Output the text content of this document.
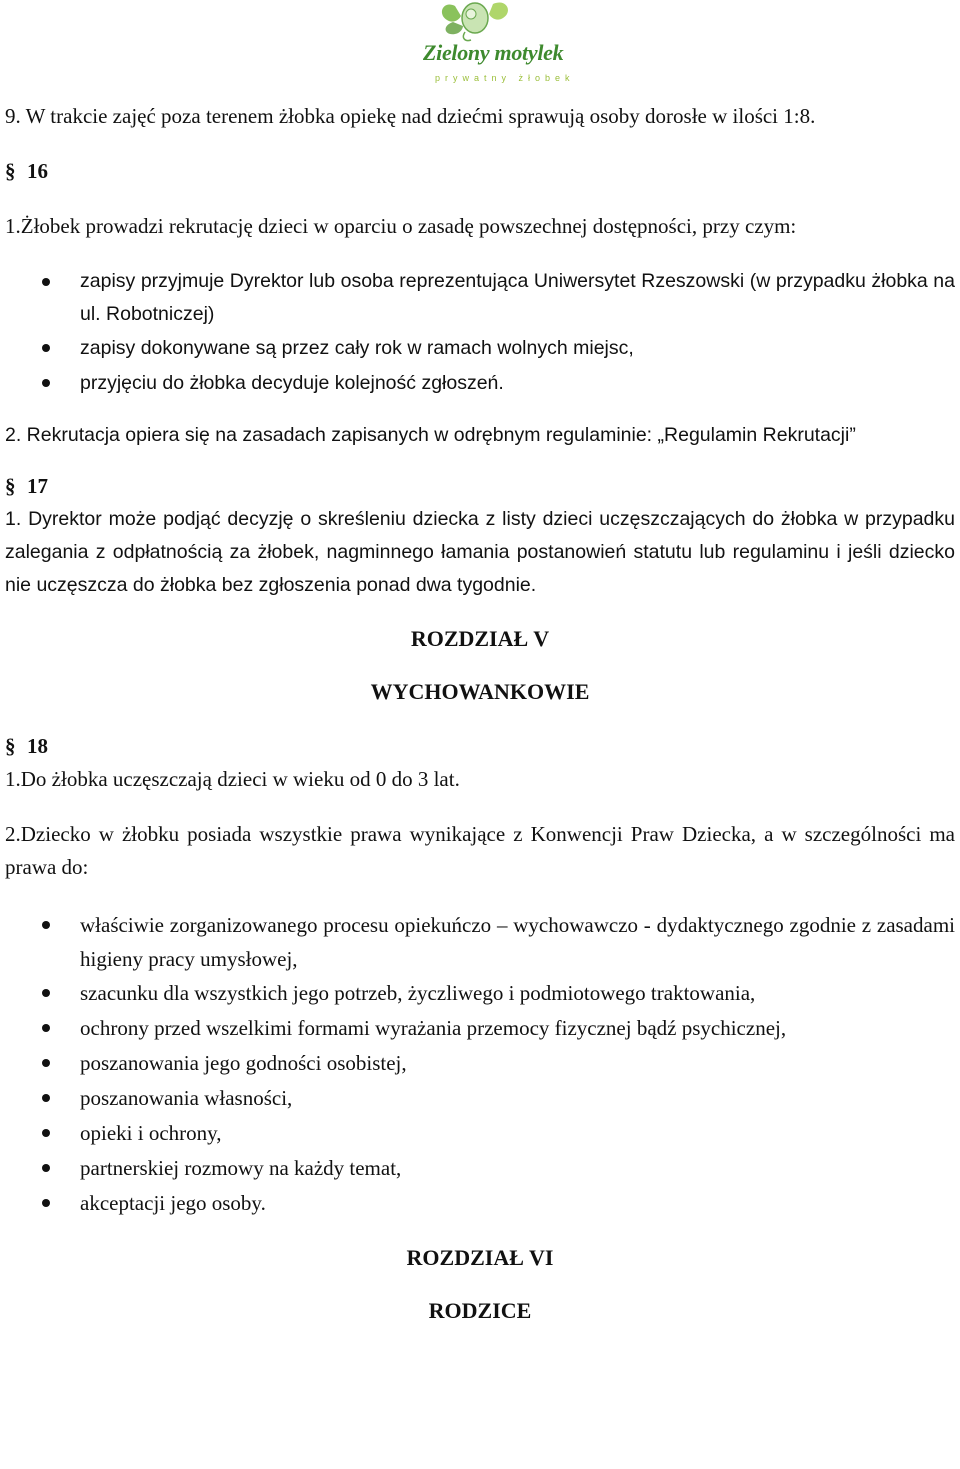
Zielony motylek
prywatny żłobek

9. W trakcie zajęć poza terenem żłobka opiekę nad dziećmi sprawują osoby dorosłe w ilości 1:8.

§ 16

1.Żłobek prowadzi rekrutację dzieci w oparciu o zasadę powszechnej dostępności, przy czym:

zapisy przyjmuje Dyrektor lub osoba reprezentująca Uniwersytet Rzeszowski (w przypadku żłobka na ul. Robotniczej)
zapisy dokonywane są przez cały rok w ramach wolnych miejsc,
przyjęciu do żłobka decyduje kolejność zgłoszeń.

2. Rekrutacja opiera się na zasadach zapisanych w odrębnym regulaminie: „Regulamin Rekrutacji”

§ 17

1. Dyrektor może podjąć decyzję o skreśleniu dziecka z listy dzieci uczęszczających do żłobka w przypadku zalegania z odpłatnością za żłobek, nagminnego łamania postanowień statutu lub regulaminu i jeśli dziecko nie uczęszcza do żłobka bez zgłoszenia ponad dwa tygodnie.

ROZDZIAŁ V
WYCHOWANKOWIE
§ 18

1.Do żłobka uczęszczają dzieci w wieku od 0 do 3 lat.

2.Dziecko w żłobku posiada wszystkie prawa wynikające z Konwencji Praw Dziecka, a w szczególności ma prawa do:

właściwie zorganizowanego procesu opiekuńczo – wychowawczo - dydaktycznego zgodnie z zasadami higieny pracy umysłowej,
szacunku dla wszystkich jego potrzeb, życzliwego i podmiotowego traktowania,
ochrony przed wszelkimi formami wyrażania przemocy fizycznej bądź psychicznej,
poszanowania jego godności osobistej,
poszanowania własności,
opieki i ochrony,
partnerskiej rozmowy na każdy temat,
akceptacji jego osoby.
ROZDZIAŁ VI
RODZICE
